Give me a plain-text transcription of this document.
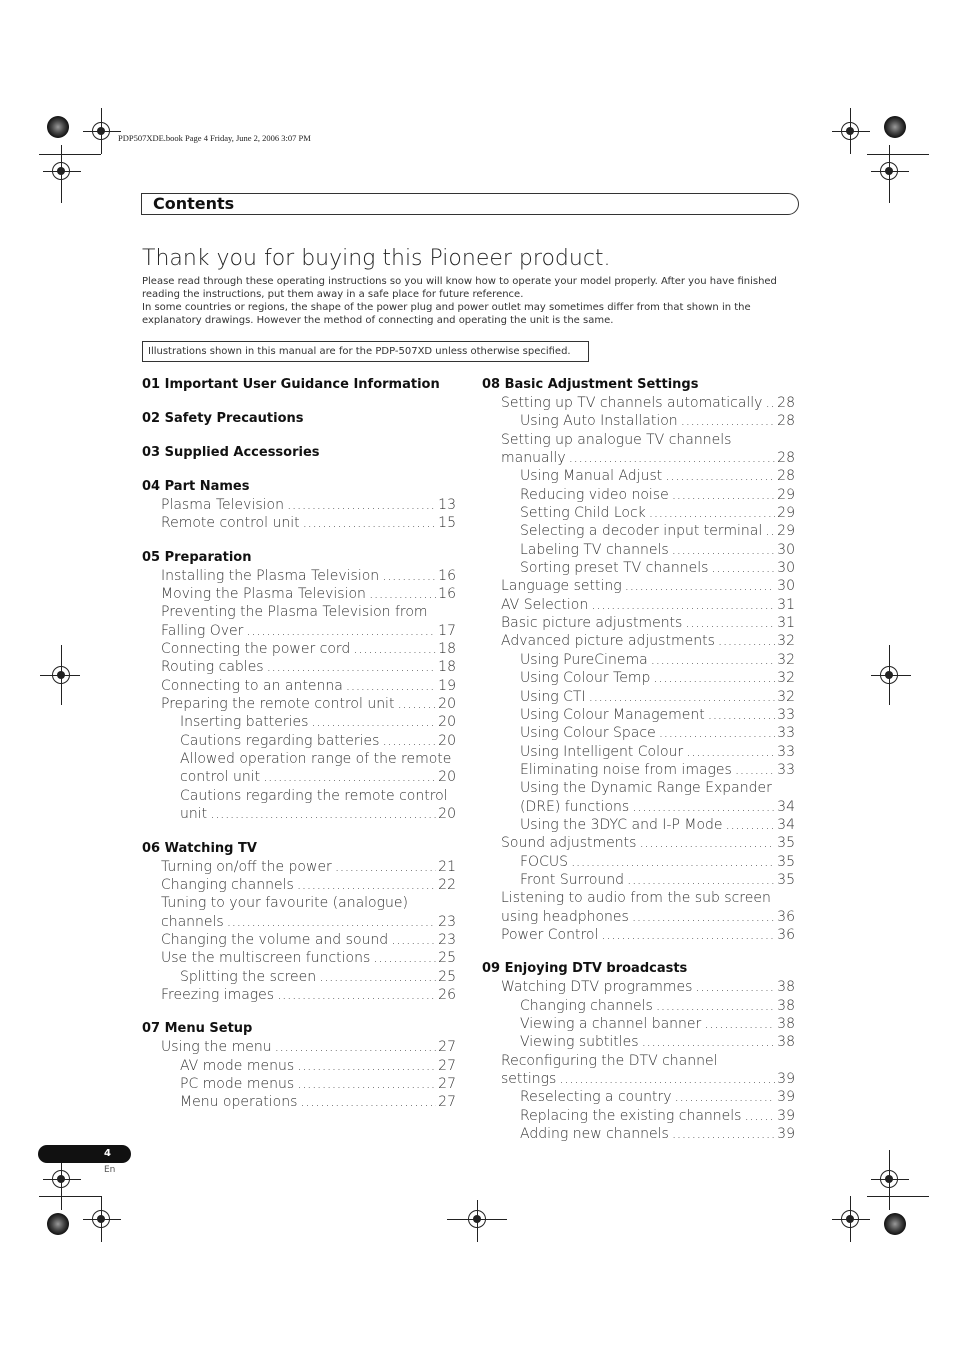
PDP507XDE.book Page 4 Friday, June 2, 2006 3:07 PM
Contents
Thank you for buying this Pioneer product.

Please read through these operating instructions so you will know how to operate your model properly. After you have finished reading the instructions, put them away in a safe place for future reference.

In some countries or regions, the shape of the power plug and power outlet may sometimes differ from that shown in the explanatory drawings. However the method of connecting and operating the unit is the same.

Illustrations shown in this manual are for the PDP-507XD unless otherwise specified.
01 Important User Guidance Information
02 Safety Precautions
03 Supplied Accessories
04 Part Names
Plasma Television .....	13
Remote control unit .....	15
05 Preparation
Installing the Plasma Television .....	16
Moving the Plasma Television .....	16
Preventing the Plasma Television from
Falling Over .....	17
Connecting the power cord .....	18
Routing cables .....	18
Connecting to an antenna .....	19
Preparing the remote control unit .....	20
Inserting batteries .....	20
Cautions regarding batteries .....	20
Allowed operation range of the remote
control unit .....	20
Cautions regarding the remote control
unit .....	20
06 Watching TV
Turning on/off the power .....	21
Changing channels .....	22
Tuning to your favourite (analogue)
channels .....	23
Changing the volume and sound .....	23
Use the multiscreen functions .....	25
Splitting the screen .....	25
Freezing images .....	26
07 Menu Setup
Using the menu .....	27
AV mode menus .....	27
PC mode menus .....	27
Menu operations .....	27
08 Basic Adjustment Settings
Setting up TV channels automatically ..... 28
Using Auto Installation .....	28
Setting up analogue TV channels
manually .....	28
Using Manual Adjust .....	28
Reducing video noise .....	29
Setting Child Lock .....	29
Selecting a decoder input terminal ..... 29
Labeling TV channels .....	30
Sorting preset TV channels .....	30
Language setting .....	30
AV Selection .....	31
Basic picture adjustments .....	31
Advanced picture adjustments .....	32
Using PureCinema .....	32
Using Colour Temp .....	32
Using CTI .....	32
Using Colour Management .....	33
Using Colour Space .....	33
Using Intelligent Colour .....	33
Eliminating noise from images .....	33
Using the Dynamic Range Expander
(DRE) functions .....	34
Using the 3DYC and I-P Mode .....	34
Sound adjustments .....	35
FOCUS .....	35
Front Surround .....	35
Listening to audio from the sub screen
using headphones .....	36
Power Control .....	36
09 Enjoying DTV broadcasts
Watching DTV programmes .....	38
Changing channels .....	38
Viewing a channel banner .....	38
Viewing subtitles .....	38
Reconfiguring the DTV channel
settings .....	39
Reselecting a country .....	39
Replacing the existing channels .....	39
Adding new channels .....	39
4
En
